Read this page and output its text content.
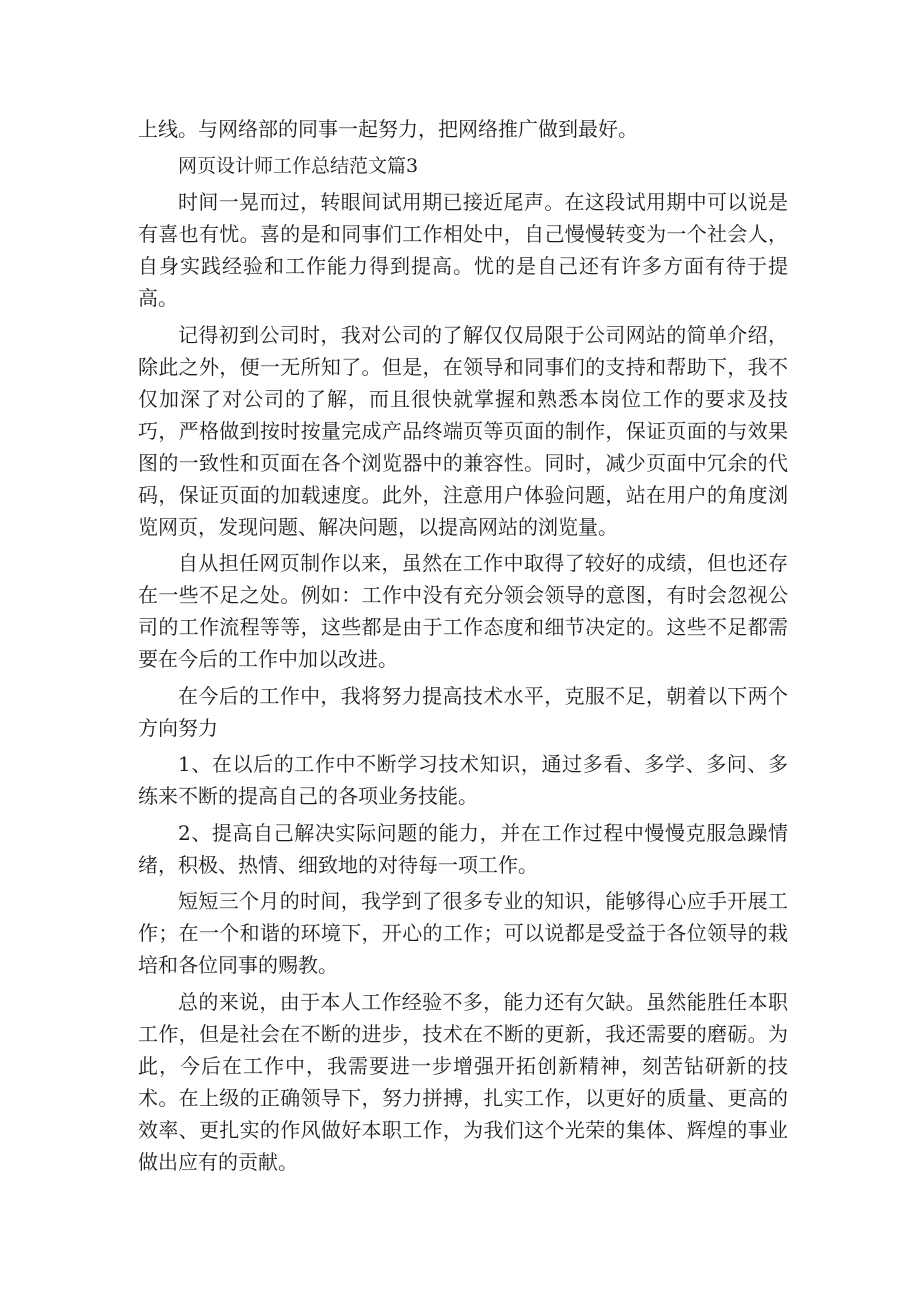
上线。与网络部的同事一起努力，把网络推广做到最好。

网页设计师工作总结范文篇3

时间一晃而过，转眼间试用期已接近尾声。在这段试用期中可以说是有喜也有忧。喜的是和同事们工作相处中，自己慢慢转变为一个社会人，自身实践经验和工作能力得到提高。忧的是自己还有许多方面有待于提高。

记得初到公司时，我对公司的了解仅仅局限于公司网站的简单介绍，除此之外，便一无所知了。但是，在领导和同事们的支持和帮助下，我不仅加深了对公司的了解，而且很快就掌握和熟悉本岗位工作的要求及技巧，严格做到按时按量完成产品终端页等页面的制作，保证页面的与效果图的一致性和页面在各个浏览器中的兼容性。同时，减少页面中冗余的代码，保证页面的加载速度。此外，注意用户体验问题，站在用户的角度浏览网页，发现问题、解决问题，以提高网站的浏览量。

自从担任网页制作以来，虽然在工作中取得了较好的成绩，但也还存在一些不足之处。例如：工作中没有充分领会领导的意图，有时会忽视公司的工作流程等等，这些都是由于工作态度和细节决定的。这些不足都需要在今后的工作中加以改进。

在今后的工作中，我将努力提高技术水平，克服不足，朝着以下两个方向努力

1、在以后的工作中不断学习技术知识，通过多看、多学、多问、多练来不断的提高自己的各项业务技能。

2、提高自己解决实际问题的能力，并在工作过程中慢慢克服急躁情绪，积极、热情、细致地的对待每一项工作。

短短三个月的时间，我学到了很多专业的知识，能够得心应手开展工作；在一个和谐的环境下，开心的工作；可以说都是受益于各位领导的栽培和各位同事的赐教。

总的来说，由于本人工作经验不多，能力还有欠缺。虽然能胜任本职工作，但是社会在不断的进步，技术在不断的更新，我还需要的磨砺。为此，今后在工作中，我需要进一步增强开拓创新精神，刻苦钻研新的技术。在上级的正确领导下，努力拼搏，扎实工作，以更好的质量、更高的效率、更扎实的作风做好本职工作，为我们这个光荣的集体、辉煌的事业做出应有的贡献。
